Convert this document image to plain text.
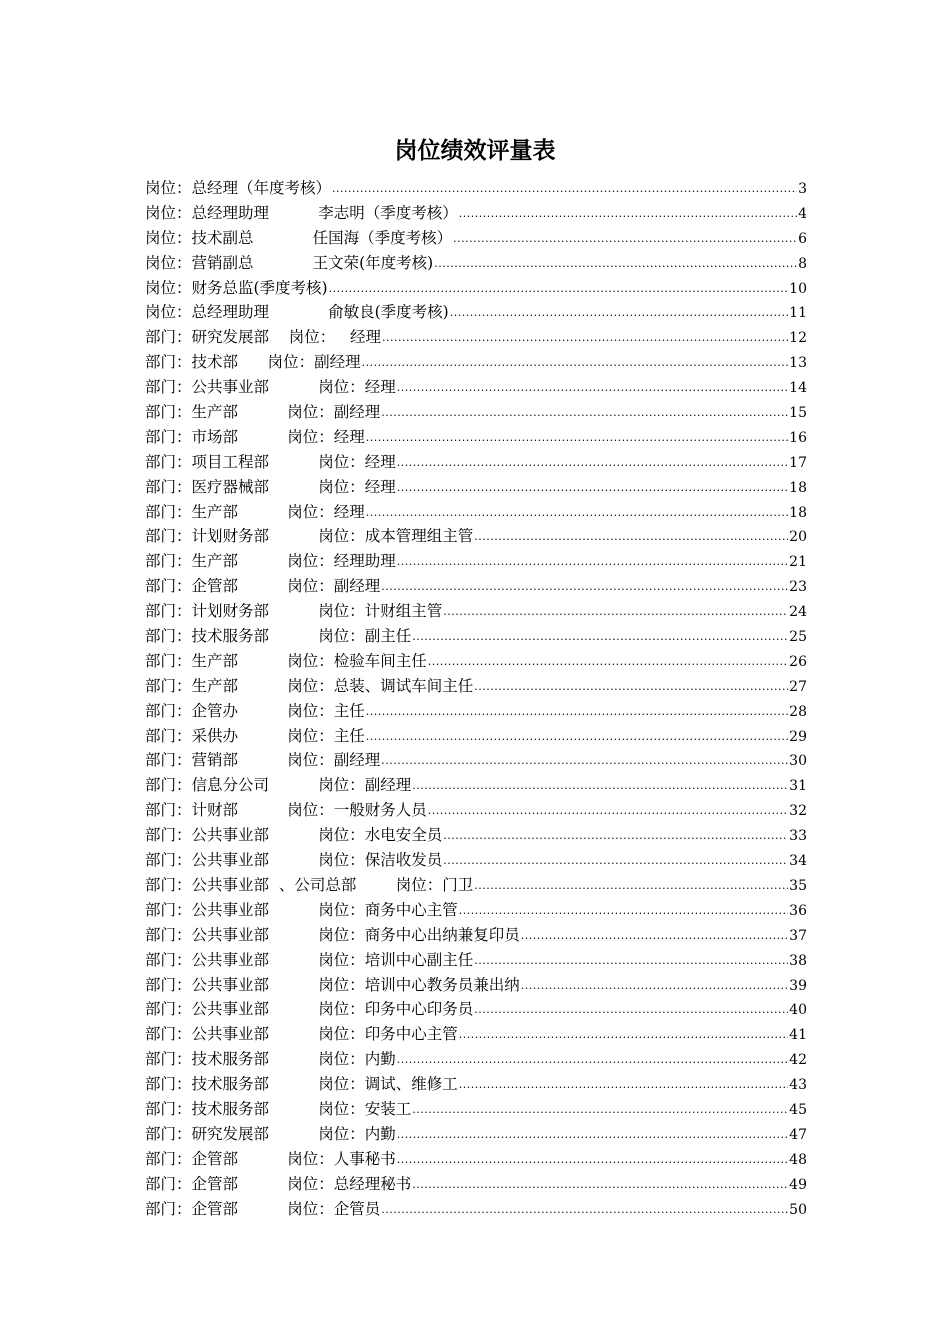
岗位绩效评量表
岗位：总经理（年度考核） .....	3
岗位：总经理助理          李志明（季度考核） .....	4
岗位：技术副总            任国海（季度考核） .....	6
岗位：营销副总            王文荣(年度考核) .....	8
岗位：财务总监(季度考核) .....	10
岗位：总经理助理            俞敏良(季度考核) .....	11
部门：研究发展部    岗位：   经理 .....	12
部门：技术部      岗位：副经理 .....	13
部门：公共事业部          岗位：经理 .....	14
部门：生产部          岗位：副经理 .....	15
部门：市场部          岗位：经理 .....	16
部门：项目工程部          岗位：经理 .....	17
部门：医疗器械部          岗位：经理 .....	18
部门：生产部          岗位：经理 .....	18
部门：计划财务部          岗位：成本管理组主管 .....	20
部门：生产部          岗位：经理助理 .....	21
部门：企管部          岗位：副经理 .....	23
部门：计划财务部          岗位：计财组主管 .....	24
部门：技术服务部          岗位：副主任 .....	25
部门：生产部          岗位：检验车间主任 .....	26
部门：生产部          岗位：总装、调试车间主任 .....	27
部门：企管办          岗位：主任 .....	28
部门：采供办          岗位：主任 .....	29
部门：营销部          岗位：副经理 .....	30
部门：信息分公司          岗位：副经理 .....	31
部门：计财部          岗位：一般财务人员 .....	32
部门：公共事业部          岗位：水电安全员 .....	33
部门：公共事业部          岗位：保洁收发员 .....	34
部门：公共事业部  、公司总部        岗位：门卫 .....	35
部门：公共事业部          岗位：商务中心主管 .....	36
部门：公共事业部          岗位：商务中心出纳兼复印员 .....	37
部门：公共事业部          岗位：培训中心副主任 .....	38
部门：公共事业部          岗位：培训中心教务员兼出纳 .....	39
部门：公共事业部          岗位：印务中心印务员 .....	40
部门：公共事业部          岗位：印务中心主管 .....	41
部门：技术服务部          岗位：内勤 .....	42
部门：技术服务部          岗位：调试、维修工 .....	43
部门：技术服务部          岗位：安装工 .....	45
部门：研究发展部          岗位：内勤 .....	47
部门：企管部          岗位：人事秘书 .....	48
部门：企管部          岗位：总经理秘书 .....	49
部门：企管部          岗位：企管员 .....	50
